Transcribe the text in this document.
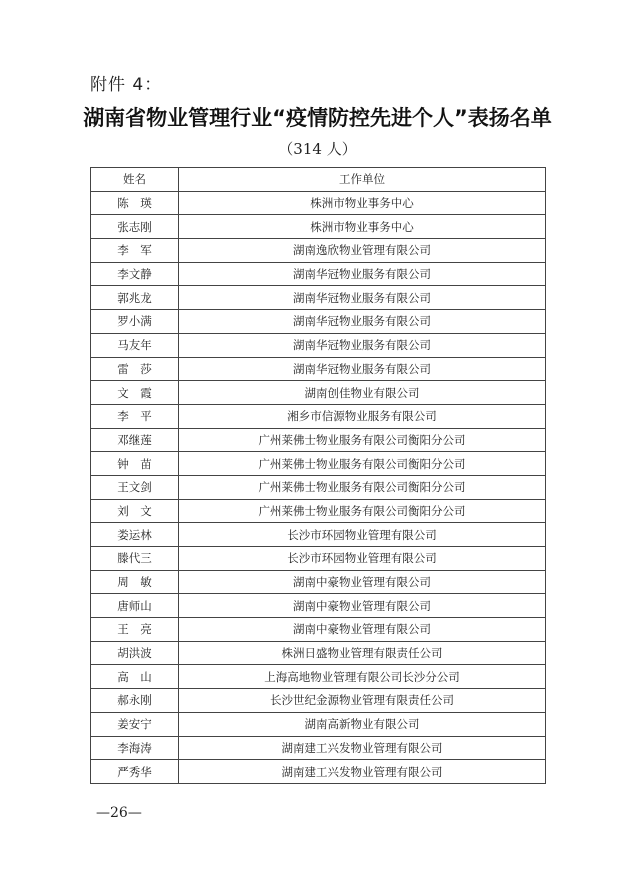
附件 4：
湖南省物业管理行业“疫情防控先进个人”表扬名单
（314 人）
姓名	工作单位
陈　瑛	株洲市物业事务中心
张志刚	株洲市物业事务中心
李　军	湖南逸欣物业管理有限公司
李文静	湖南华冠物业服务有限公司
郭兆龙	湖南华冠物业服务有限公司
罗小满	湖南华冠物业服务有限公司
马友年	湖南华冠物业服务有限公司
雷　莎	湖南华冠物业服务有限公司
文　霞	湖南创佳物业有限公司
李　平	湘乡市信源物业服务有限公司
邓继莲	广州莱佛士物业服务有限公司衡阳分公司
钟　苗	广州莱佛士物业服务有限公司衡阳分公司
王文剑	广州莱佛士物业服务有限公司衡阳分公司
刘　文	广州莱佛士物业服务有限公司衡阳分公司
娄运林	长沙市环园物业管理有限公司
滕代三	长沙市环园物业管理有限公司
周　敏	湖南中豪物业管理有限公司
唐师山	湖南中豪物业管理有限公司
王　亮	湖南中豪物业管理有限公司
胡洪波	株洲日盛物业管理有限责任公司
高　山	上海高地物业管理有限公司长沙分公司
郝永刚	长沙世纪金源物业管理有限责任公司
姜安宁	湖南高新物业有限公司
李海涛	湖南建工兴发物业管理有限公司
严秀华	湖南建工兴发物业管理有限公司
—26—
